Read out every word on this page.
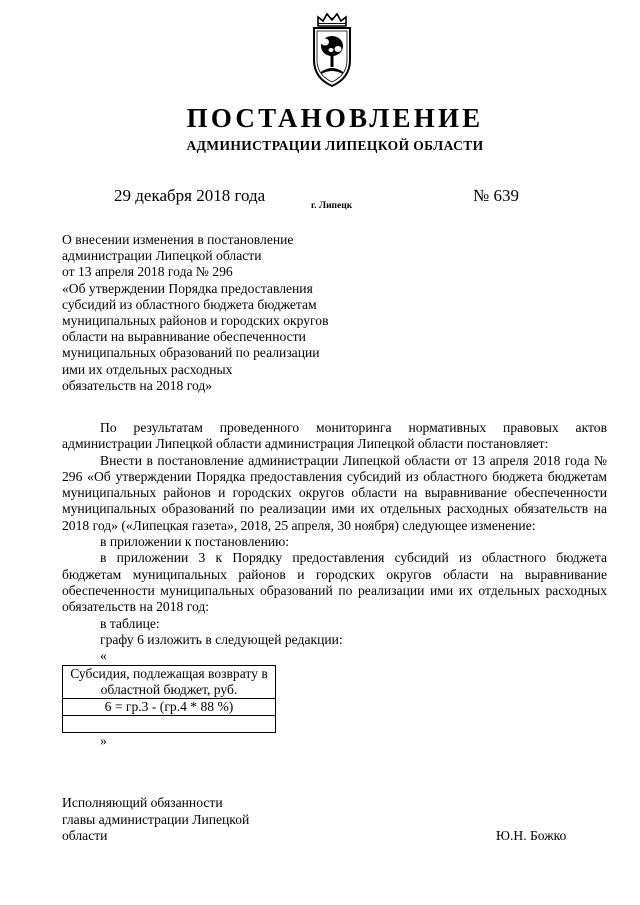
ПОСТАНОВЛЕНИЕ
АДМИНИСТРАЦИИ ЛИПЕЦКОЙ ОБЛАСТИ
29 декабря 2018 года
г. Липецк
№ 639
О внесении изменения в постановление
администрации Липецкой области
от 13 апреля 2018 года № 296
«Об утверждении Порядка предоставления
субсидий из областного бюджета бюджетам
муниципальных районов и городских округов
области на выравнивание обеспеченности
муниципальных образований по реализации
ими их отдельных расходных
обязательств на 2018 год»

По результатам проведенного мониторинга нормативных правовых актов администрации Липецкой области администрация Липецкой области постановляет:

Внести в постановление администрации Липецкой области от 13 апреля 2018 года № 296 «Об утверждении Порядка предоставления субсидий из областного бюджета бюджетам муниципальных районов и городских округов области на выравнивание обеспеченности муниципальных образований по реализации ими их отдельных расходных обязательств на 2018 год» («Липецкая газета», 2018, 25 апреля, 30 ноября) следующее изменение:

в приложении к постановлению:

в приложении 3 к Порядку предоставления субсидий из областного бюджета бюджетам муниципальных районов и городских округов области на выравнивание обеспеченности муниципальных образований по реализации ими их отдельных расходных обязательств на 2018 год:

в таблице:

графу 6 изложить в следующей редакции:

«
Субсидия, подлежащая возврату в областной бюджет, руб.
6 = гр.3 - (гр.4 * 88 %)

»
Исполняющий обязанности
главы администрации Липецкой
области	Ю.Н. Божко
